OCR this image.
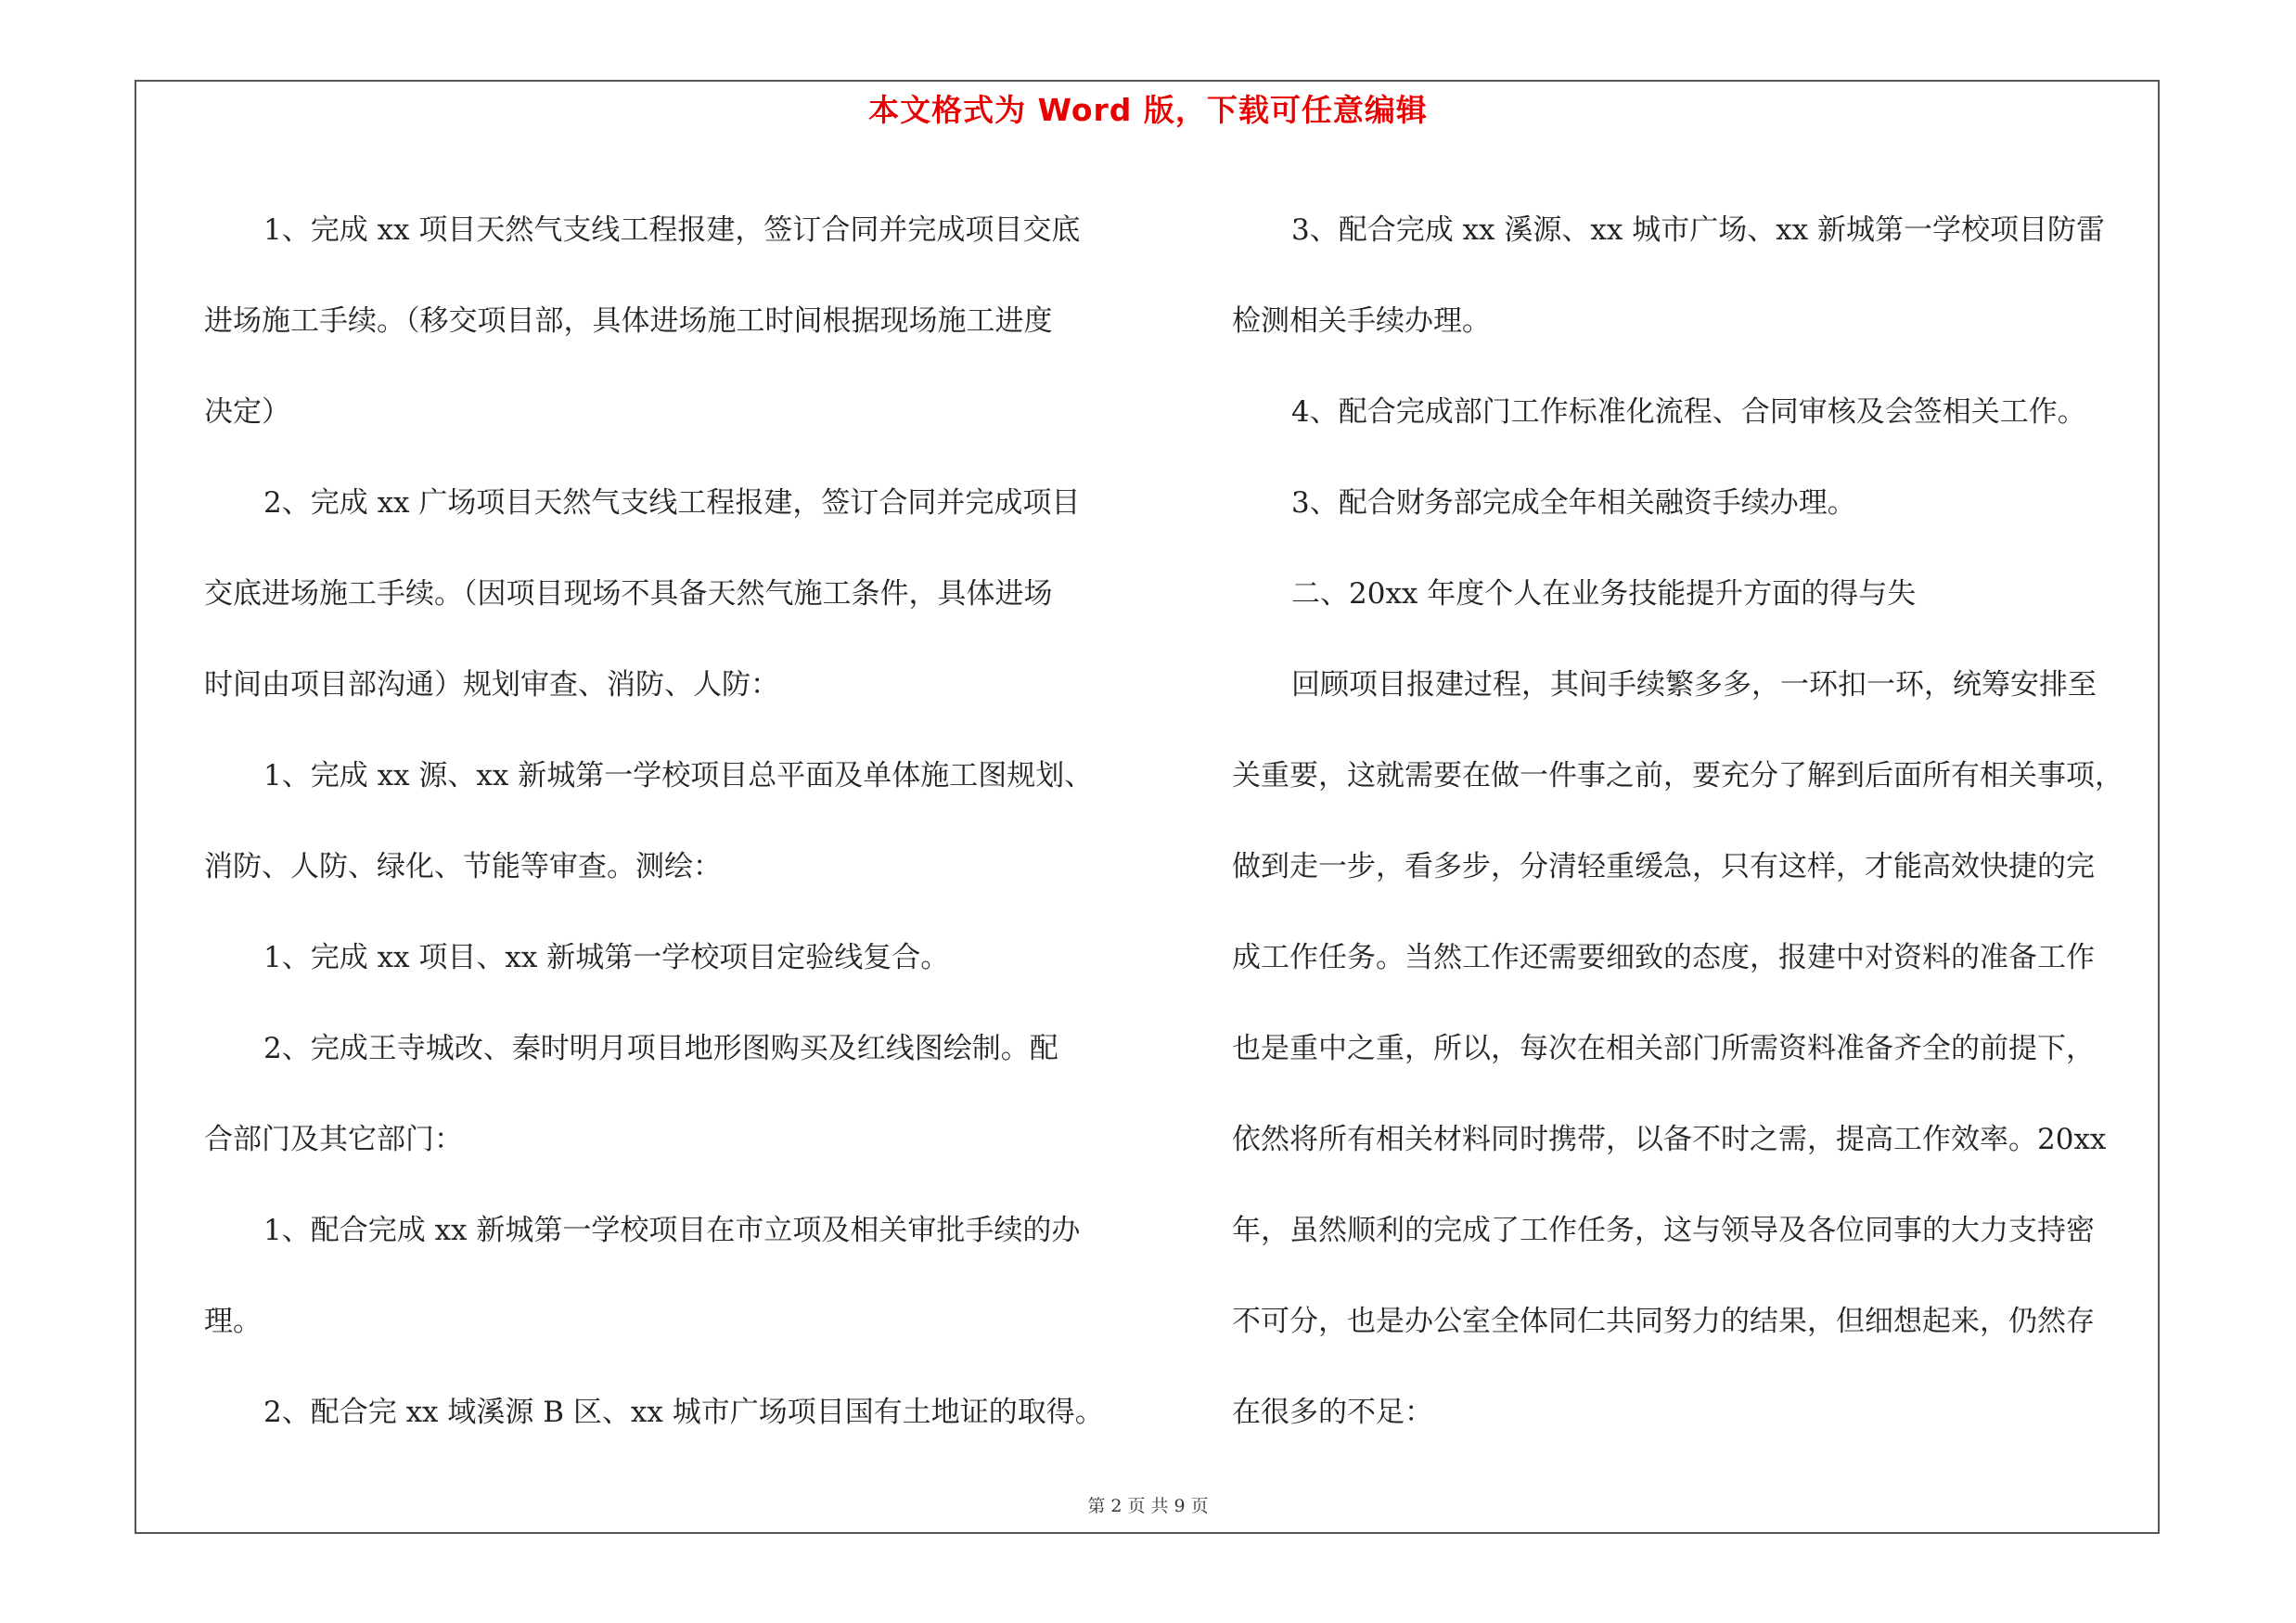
本文格式为 Word 版，下载可任意编辑

1、完成 xx 项目天然气支线工程报建，签订合同并完成项目交底

进场施工手续。（移交项目部，具体进场施工时间根据现场施工进度

决定）

2、完成 xx 广场项目天然气支线工程报建，签订合同并完成项目

交底进场施工手续。（因项目现场不具备天然气施工条件，具体进场

时间由项目部沟通）规划审查、消防、人防：

1、完成 xx 源、xx 新城第一学校项目总平面及单体施工图规划、

消防、人防、绿化、节能等审查。测绘：

1、完成 xx 项目、xx 新城第一学校项目定验线复合。

2、完成王寺城改、秦时明月项目地形图购买及红线图绘制。配

合部门及其它部门：

1、配合完成 xx 新城第一学校项目在市立项及相关审批手续的办

理。

2、配合完 xx 域溪源 B 区、xx 城市广场项目国有土地证的取得。

3、配合完成 xx 溪源、xx 城市广场、xx 新城第一学校项目防雷

检测相关手续办理。

4、配合完成部门工作标准化流程、合同审核及会签相关工作。

3、配合财务部完成全年相关融资手续办理。

二、20xx 年度个人在业务技能提升方面的得与失

回顾项目报建过程，其间手续繁多多，一环扣一环，统筹安排至

关重要，这就需要在做一件事之前，要充分了解到后面所有相关事项，

做到走一步，看多步，分清轻重缓急，只有这样，才能高效快捷的完

成工作任务。当然工作还需要细致的态度，报建中对资料的准备工作

也是重中之重，所以，每次在相关部门所需资料准备齐全的前提下，

依然将所有相关材料同时携带，以备不时之需，提高工作效率。20xx

年，虽然顺利的完成了工作任务，这与领导及各位同事的大力支持密

不可分，也是办公室全体同仁共同努力的结果，但细想起来，仍然存

在很多的不足：

第 2 页 共 9 页
